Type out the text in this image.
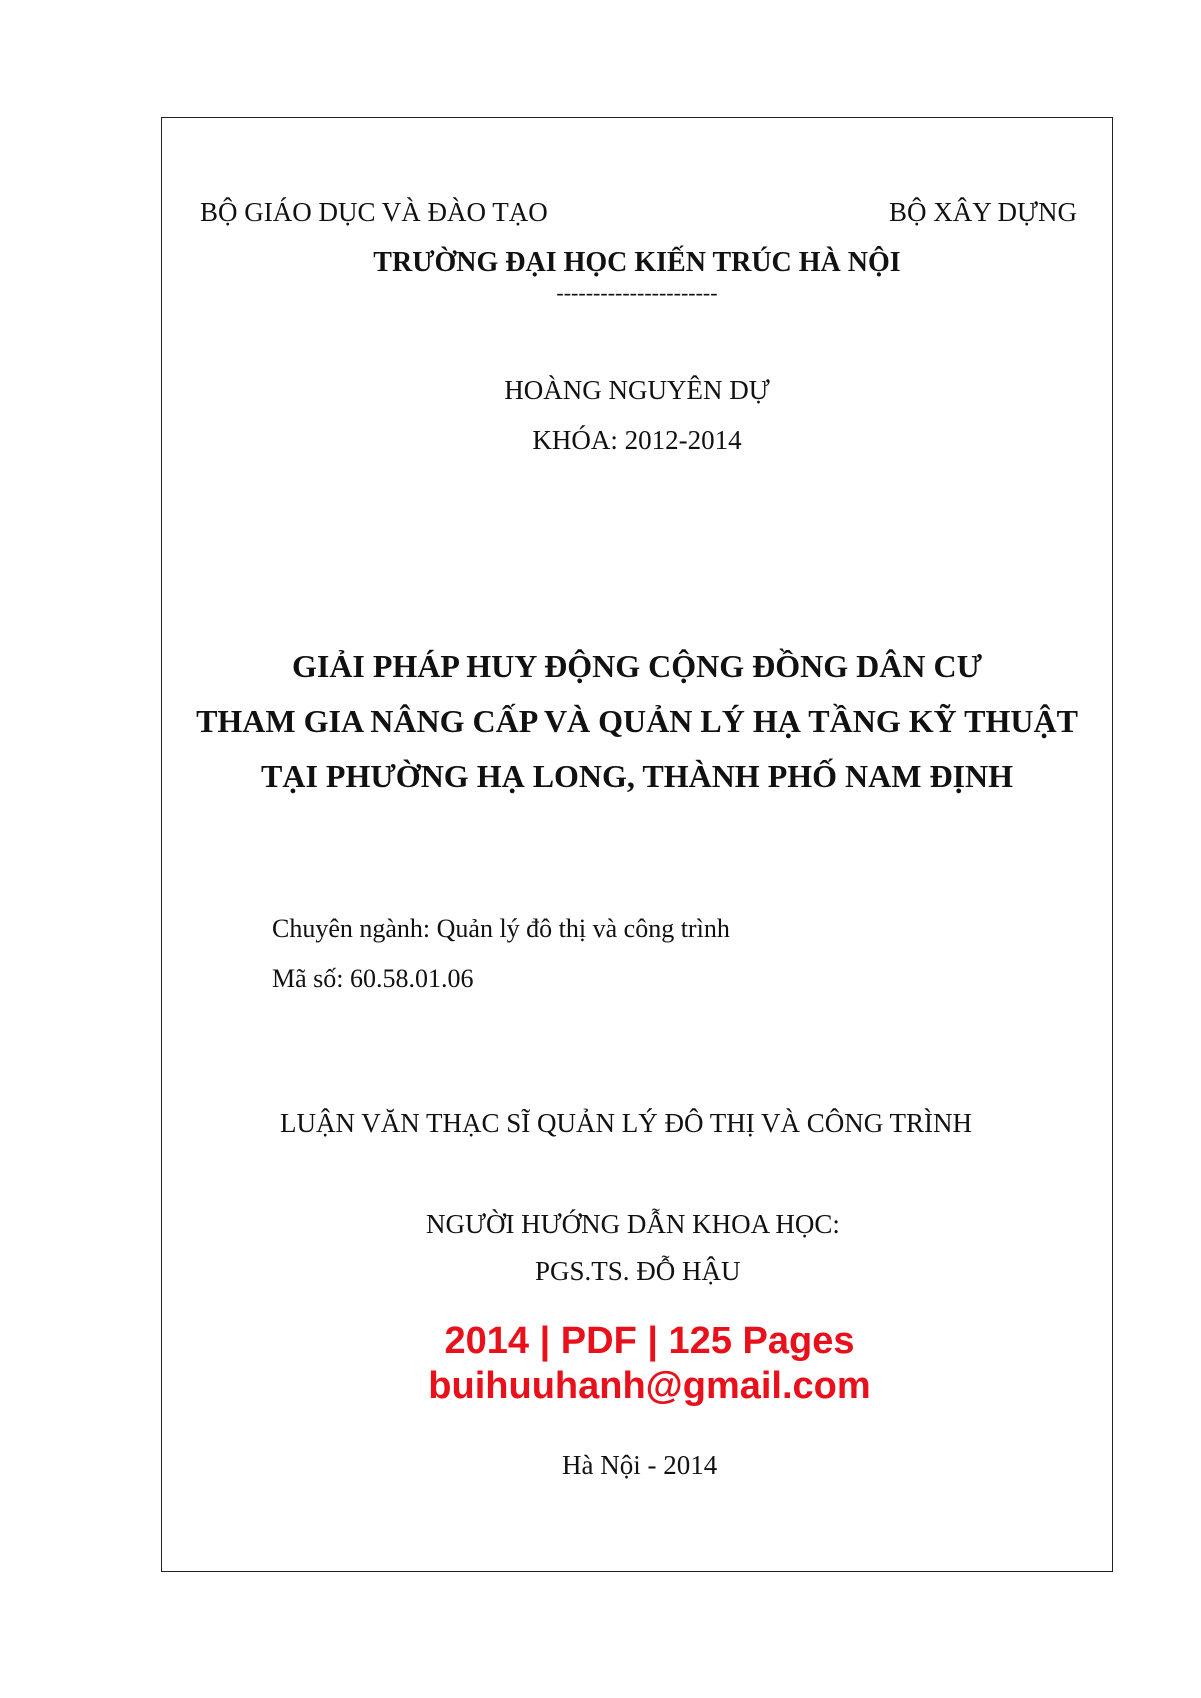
BỘ GIÁO DỤC VÀ ĐÀO TẠO	BỘ XÂY DỰNG
TRƯỜNG ĐẠI HỌC KIẾN TRÚC HÀ NỘI
----------------------
HOÀNG NGUYÊN DỰ
KHÓA: 2012-2014
GIẢI PHÁP HUY ĐỘNG CỘNG ĐỒNG DÂN CƯ
THAM GIA NÂNG CẤP VÀ QUẢN LÝ HẠ TẦNG KỸ THUẬT
TẠI PHƯỜNG HẠ LONG, THÀNH PHỐ NAM ĐỊNH
Chuyên ngành: Quản lý đô thị và công trình
Mã số: 60.58.01.06
LUẬN VĂN THẠC SĨ QUẢN LÝ ĐÔ THỊ VÀ CÔNG TRÌNH
NGƯỜI HƯỚNG DẪN KHOA HỌC:
PGS.TS. ĐỖ HẬU
2014 | PDF | 125 Pages
buihuuhanh@gmail.com
Hà Nội - 2014
